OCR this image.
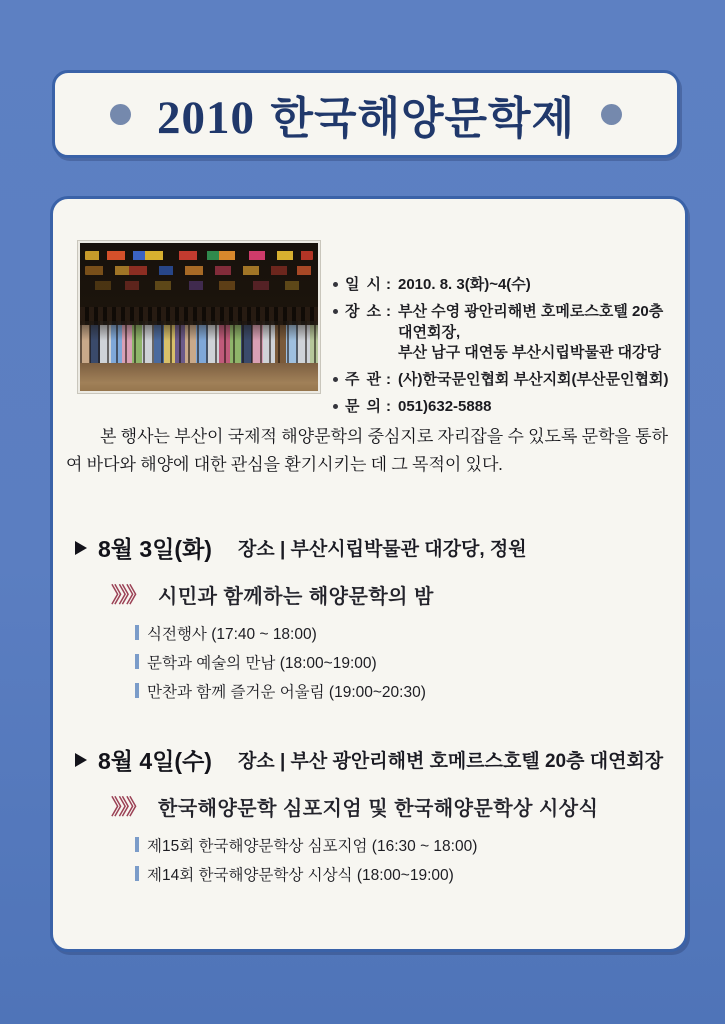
2010 한국해양문학제
일 시 : 2010. 8. 3(화)~4(수)
장 소 : 부산 수영 광안리해변 호메로스호텔 20층 대연회장,
부산 남구 대연동 부산시립박물관 대강당
주 관 : (사)한국문인협회 부산지회(부산문인협회)
문 의 : 051)632-5888
본 행사는 부산이 국제적 해양문학의 중심지로 자리잡을 수 있도록 문학을 통하여 바다와 해양에 대한 관심을 환기시키는 데 그 목적이 있다.
8월 3일(화) 장소 | 부산시립박물관 대강당, 정원
》》》 시민과 함께하는 해양문학의 밤
식전행사 (17:40 ~ 18:00)
문학과 예술의 만남 (18:00~19:00)
만찬과 함께 즐거운 어울림 (19:00~20:30)
8월 4일(수) 장소 | 부산 광안리해변 호메르스호텔 20층 대연회장
》》》 한국해양문학 심포지엄 및 한국해양문학상 시상식
제15회 한국해양문학상 심포지엄 (16:30 ~ 18:00)
제14회 한국해양문학상 시상식 (18:00~19:00)
